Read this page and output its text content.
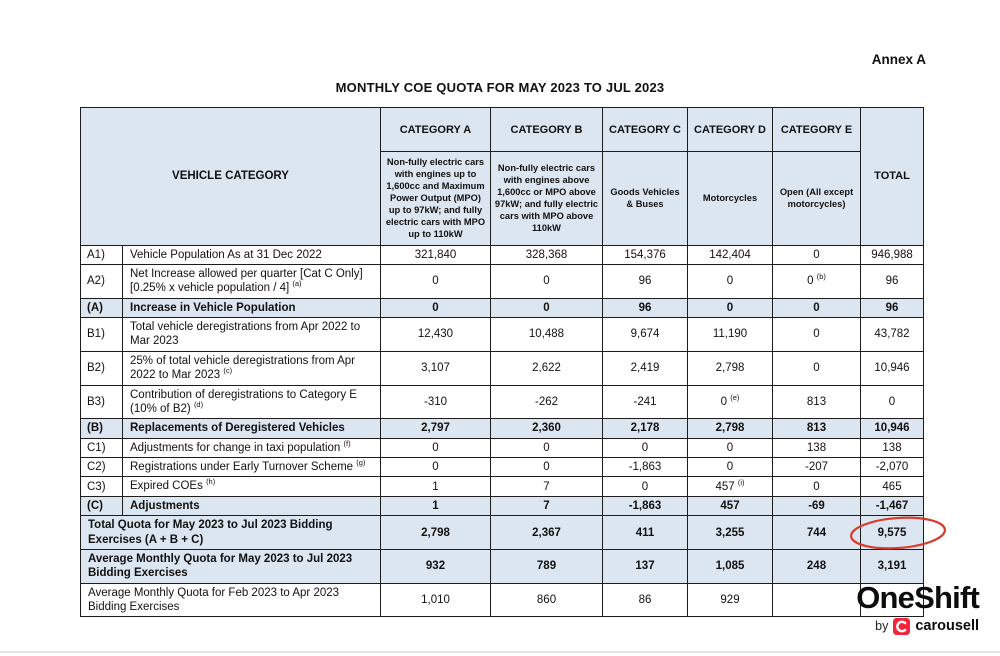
Annex A
MONTHLY COE QUOTA FOR MAY 2023 TO JUL 2023
VEHICLE CATEGORY		CATEGORY A	CATEGORY B	CATEGORY C	CATEGORY D	CATEGORY E	TOTAL
		Non-fully electric cars with engines up to 1,600cc and Maximum Power Output (MPO) up to 97kW; and fully electric cars with MPO up to 110kW	Non-fully electric cars with engines above 1,600cc or MPO above 97kW; and fully electric cars with MPO above 110kW	Goods Vehicles & Buses	Motorcycles	Open (All except motorcycles)	
A1)	Vehicle Population As at 31 Dec 2022	321,840	328,368	154,376	142,404	0	946,988
A2)	Net Increase allowed per quarter [Cat C Only] [0.25% x vehicle population / 4] $^{(a)}$	0	0	96	0	0 $^{(b)}$	96
(A)	Increase in Vehicle Population	0	0	96	0	0	96
B1)	Total vehicle deregistrations from Apr 2022 to Mar 2023	12,430	10,488	9,674	11,190	0	43,782
B2)	25% of total vehicle deregistrations from Apr 2022 to Mar 2023 $^{(c)}$	3,107	2,622	2,419	2,798	0	10,946
B3)	Contribution of deregistrations to Category E (10% of B2) $^{(d)}$	-310	-262	-241	0 $^{(e)}$	813	0
(B)	Replacements of Deregistered Vehicles	2,797	2,360	2,178	2,798	813	10,946
C1)	Adjustments for change in taxi population $^{(f)}$	0	0	0	0	138	138
C2)	Registrations under Early Turnover Scheme $^{(g)}$	0	0	-1,863	0	-207	-2,070
C3)	Expired COEs $^{(h)}$	1	7	0	457 $^{(i)}$	0	465
(C)	Adjustments	1	7	-1,863	457	-69	-1,467
Total Quota for May 2023 to Jul 2023 Bidding Exercises (A + B + C)		2,798	2,367	411	3,255	744	9,575

Average Monthly Quota for May 2023 to Jul 2023 Bidding Exercises		932	789	137	1,085	248	3,191
Average Monthly Quota for Feb 2023 to Apr 2023 Bidding Exercises		1,010	860	86	929			OneShift
by carousell
